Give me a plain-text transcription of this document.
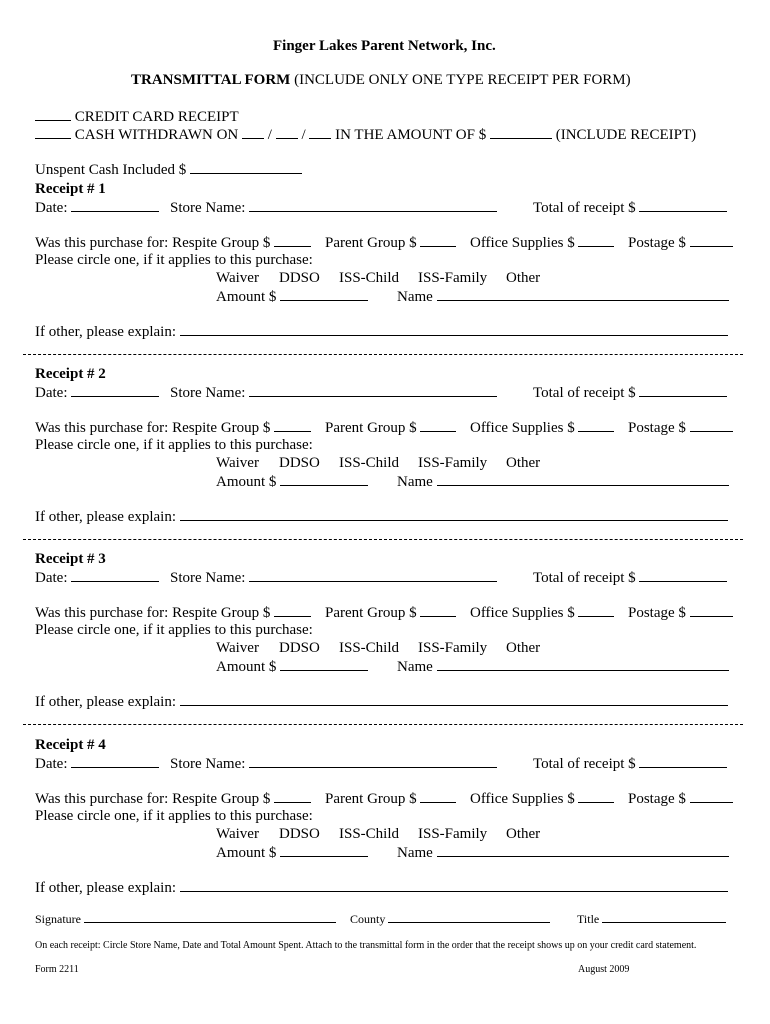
Finger Lakes Parent Network, Inc.
TRANSMITTAL FORM (INCLUDE ONLY ONE TYPE RECEIPT PER FORM)
CREDIT CARD RECEIPT
CASH WITHDRAWN ON / / IN THE AMOUNT OF $	(INCLUDE RECEIPT)
Unspent Cash Included $
Receipt # 1
Date:	Store Name:	Total of receipt $
Was this purchase for: Respite Group $	Parent Group $	Office Supplies $	Postage $
Please circle one, if it applies to this purchase:
Waiver DDSO ISS-Child ISS-Family Other
Amount $	Name
If other, please explain:
Receipt # 2
Date:	Store Name:	Total of receipt $
Was this purchase for: Respite Group $	Parent Group $	Office Supplies $	Postage $
Please circle one, if it applies to this purchase:
Waiver DDSO ISS-Child ISS-Family Other
Amount $	Name
If other, please explain:
Receipt # 3
Date:	Store Name:	Total of receipt $
Was this purchase for: Respite Group $	Parent Group $	Office Supplies $	Postage $
Please circle one, if it applies to this purchase:
Waiver DDSO ISS-Child ISS-Family Other
Amount $	Name
If other, please explain:
Receipt # 4
Date:	Store Name:	Total of receipt $
Was this purchase for: Respite Group $	Parent Group $	Office Supplies $	Postage $
Please circle one, if it applies to this purchase:
Waiver DDSO ISS-Child ISS-Family Other
Amount $	Name
If other, please explain:
Signature	County	Title
On each receipt: Circle Store Name, Date and Total Amount Spent. Attach to the transmittal form in the order that the receipt shows up on your credit card statement.
Form 2211	August 2009
